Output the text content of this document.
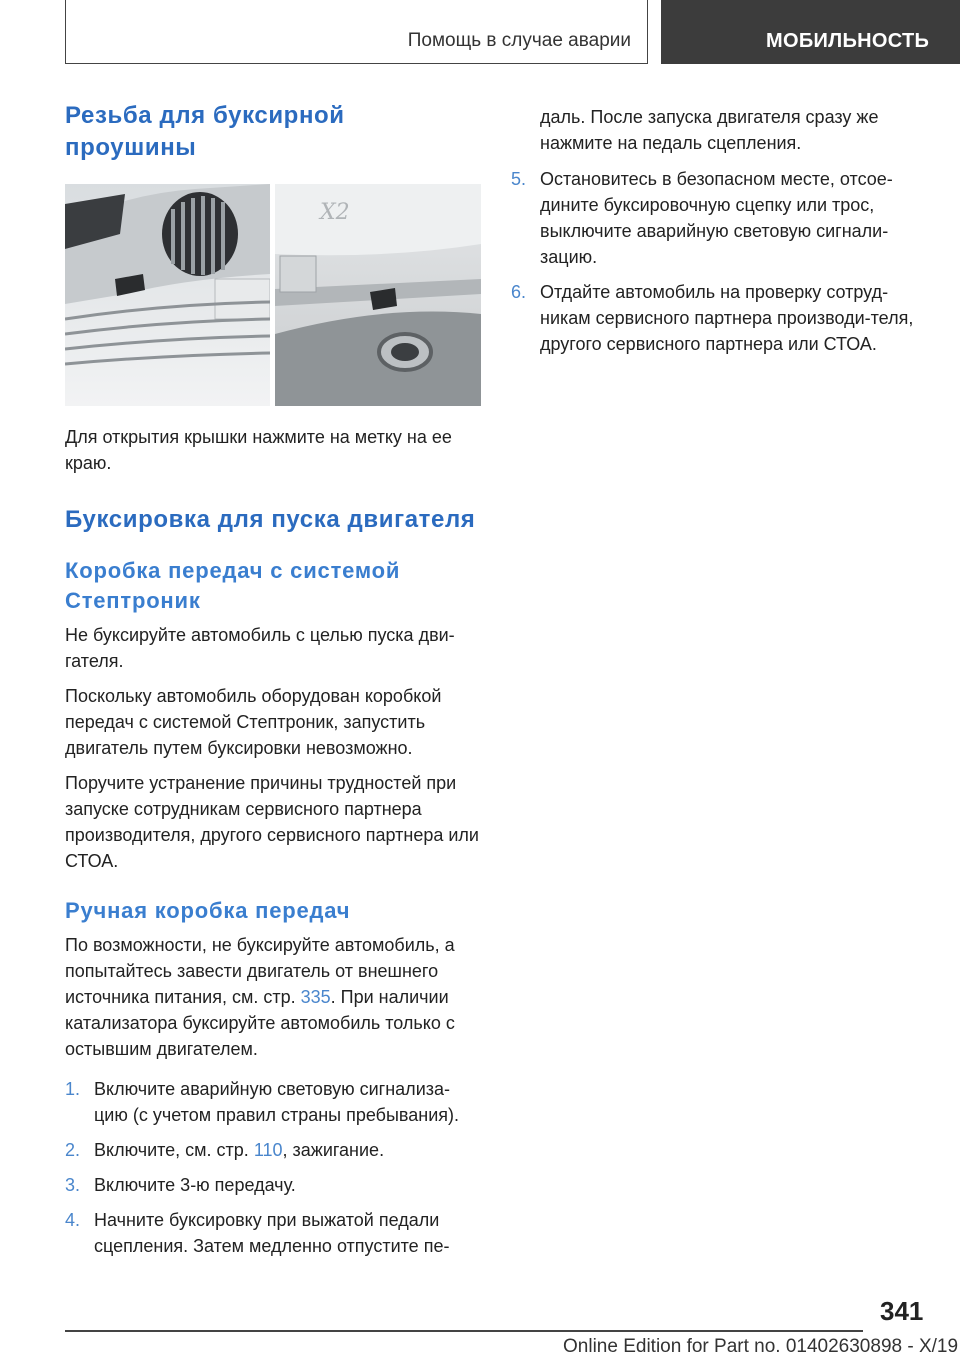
Помощь в случае аварии	МОБИЛЬНОСТЬ
Резьба для буксирной проушины
X2

Для открытия крышки нажмите на метку на ее краю.

Буксировка для пуска двигателя
Коробка передач с системой Стептроник

Не буксируйте автомобиль с целью пуска дви-гателя.

Поскольку автомобиль оборудован коробкой передач с системой Стептроник, запустить двигатель путем буксировки невозможно.

Поручите устранение причины трудностей при запуске сотрудникам сервисного партнера производителя, другого сервисного партнера или СТОА.

Ручная коробка передач

По возможности, не буксируйте автомобиль, а попытайтесь завести двигатель от внешнего источника питания, см. стр. 335. При наличии катализатора буксируйте автомобиль только с остывшим двигателем.

1. Включите аварийную световую сигнализа-цию (с учетом правил страны пребывания).
2. Включите, см. стр. 110, зажигание.
3. Включите 3-ю передачу.
4. Начните буксировку при выжатой педали сцепления. Затем медленно отпустите пе-

даль. После запуска двигателя сразу же нажмите на педаль сцепления.

5. Остановитесь в безопасном месте, отсое-дините буксировочную сцепку или трос, выключите аварийную световую сигнали-зацию.
6. Отдайте автомобиль на проверку сотруд-никам сервисного партнера производи-теля, другого сервисного партнера или СТОА.
341
Online Edition for Part no. 01402630898 - X/19
